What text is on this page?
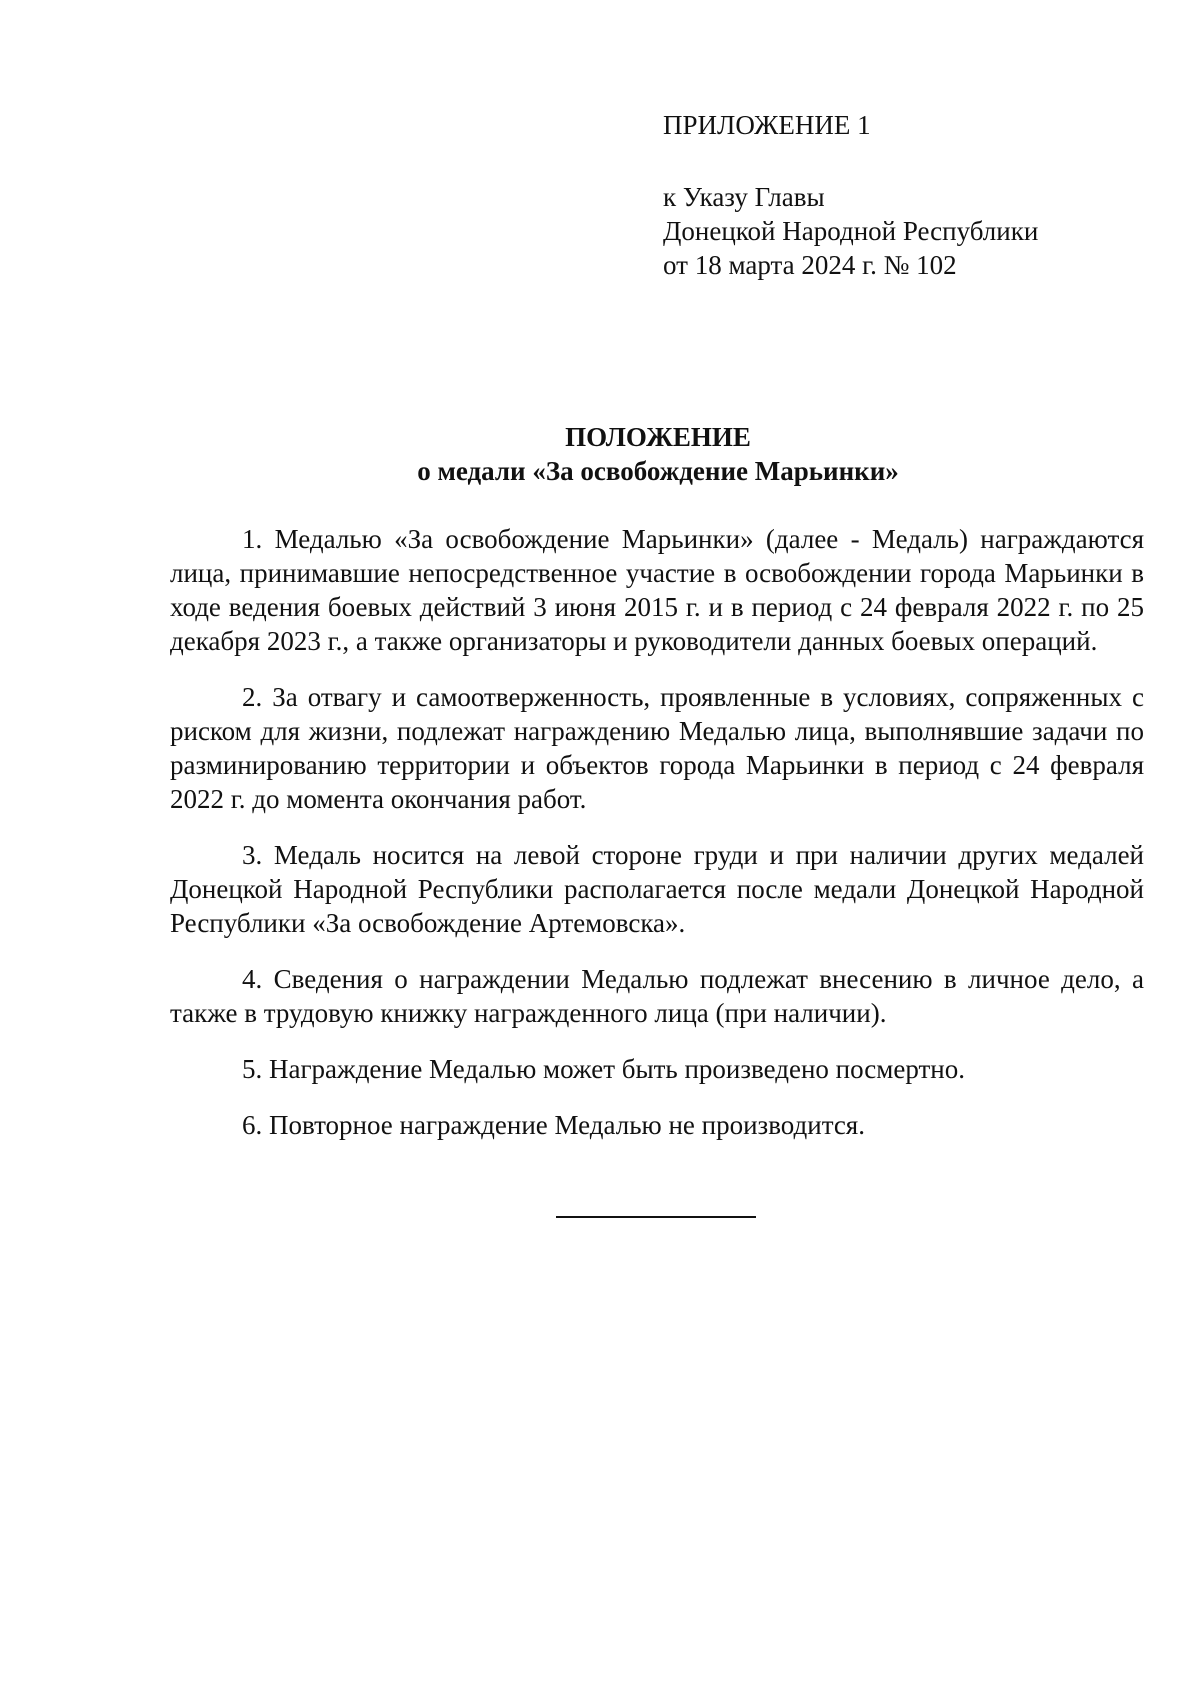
ПРИЛОЖЕНИЕ 1

к Указу Главы

Донецкой Народной Республики

от 18 марта 2024 г. № 102

ПОЛОЖЕНИЕ

о медали «За освобождение Марьинки»

1. Медалью «За освобождение Марьинки» (далее - Медаль) награждаются лица, принимавшие непосредственное участие в освобождении города Марьинки в ходе ведения боевых действий 3 июня 2015 г. и в период с 24 февраля 2022 г. по 25 декабря 2023 г., а также организаторы и руководители данных боевых операций.

2. За отвагу и самоотверженность, проявленные в условиях, сопряженных с риском для жизни, подлежат награждению Медалью лица, выполнявшие задачи по разминированию территории и объектов города Марьинки в период с 24 февраля 2022 г. до момента окончания работ.

3. Медаль носится на левой стороне груди и при наличии других медалей Донецкой Народной Республики располагается после медали Донецкой Народной Республики «За освобождение Артемовска».

4. Сведения о награждении Медалью подлежат внесению в личное дело, а также в трудовую книжку награжденного лица (при наличии).

5. Награждение Медалью может быть произведено посмертно.

6. Повторное награждение Медалью не производится.
